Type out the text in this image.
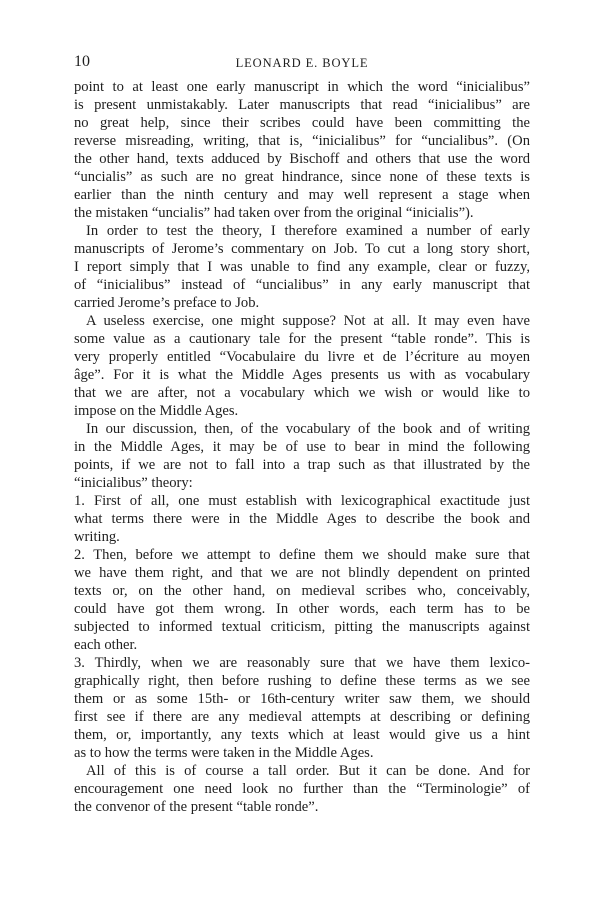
10	LEONARD E. BOYLE
point to at least one early manuscript in which the word “inicialibus”
is present unmistakably. Later manuscripts that read “inicialibus” are
no great help, since their scribes could have been committing the
reverse misreading, writing, that is, “inicialibus” for “uncialibus”. (On
the other hand, texts adduced by Bischoff and others that use the word
“uncialis” as such are no great hindrance, since none of these texts is
earlier than the ninth century and may well represent a stage when
the mistaken “uncialis” had taken over from the original “inicialis”).
In order to test the theory, I therefore examined a number of early
manuscripts of Jerome’s commentary on Job. To cut a long story short,
I report simply that I was unable to find any example, clear or fuzzy,
of “inicialibus” instead of “uncialibus” in any early manuscript that
carried Jerome’s preface to Job.
A useless exercise, one might suppose? Not at all. It may even have
some value as a cautionary tale for the present “table ronde”. This is
very properly entitled “Vocabulaire du livre et de l’écriture au moyen
âge”. For it is what the Middle Ages presents us with as vocabulary
that we are after, not a vocabulary which we wish or would like to
impose on the Middle Ages.
In our discussion, then, of the vocabulary of the book and of writing
in the Middle Ages, it may be of use to bear in mind the following
points, if we are not to fall into a trap such as that illustrated by the
“inicialibus” theory:
1. First of all, one must establish with lexicographical exactitude just
what terms there were in the Middle Ages to describe the book and
writing.
2. Then, before we attempt to define them we should make sure that
we have them right, and that we are not blindly dependent on printed
texts or, on the other hand, on medieval scribes who, conceivably,
could have got them wrong. In other words, each term has to be
subjected to informed textual criticism, pitting the manuscripts against
each other.
3. Thirdly, when we are reasonably sure that we have them lexico-
graphically right, then before rushing to define these terms as we see
them or as some 15th- or 16th-century writer saw them, we should
first see if there are any medieval attempts at describing or defining
them, or, importantly, any texts which at least would give us a hint
as to how the terms were taken in the Middle Ages.
All of this is of course a tall order. But it can be done. And for
encouragement one need look no further than the “Terminologie” of
the convenor of the present “table ronde”.
